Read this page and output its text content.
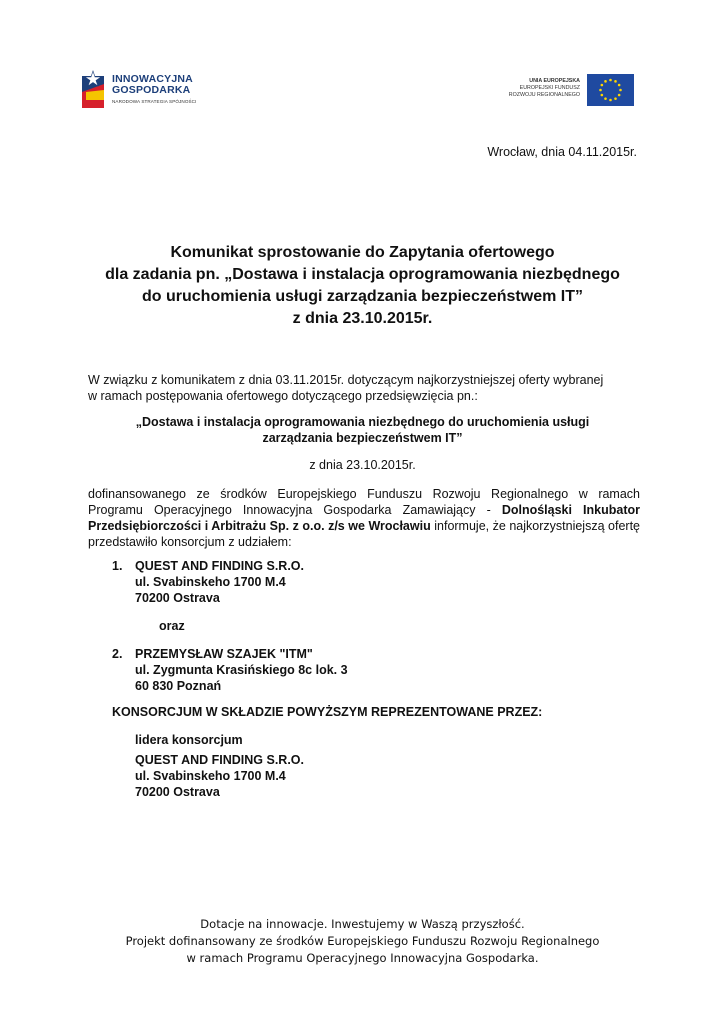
INNOWACYJNA
GOSPODARKA
NARODOWA STRATEGIA SPÓJNOŚCI
UNIA EUROPEJSKA
EUROPEJSKI FUNDUSZ
ROZWOJU REGIONALNEGO
Wrocław, dnia 04.11.2015r.
Komunikat sprostowanie do Zapytania ofertowego
dla zadania pn. „Dostawa i instalacja oprogramowania niezbędnego
do uruchomienia usługi zarządzania bezpieczeństwem IT”
z dnia 23.10.2015r.
W związku z komunikatem z dnia 03.11.2015r. dotyczącym najkorzystniejszej oferty wybranej
w ramach postępowania ofertowego dotyczącego przedsięwzięcia pn.:
„Dostawa i instalacja oprogramowania niezbędnego do uruchomienia usługi
zarządzania bezpieczeństwem IT”
z dnia 23.10.2015r.
dofinansowanego ze środków Europejskiego Funduszu Rozwoju Regionalnego w ramach Programu Operacyjnego Innowacyjna Gospodarka Zamawiający - Dolnośląski Inkubator Przedsiębiorczości i Arbitrażu Sp. z o.o. z/s we Wrocławiu informuje, że najkorzystniejszą ofertę przedstawiło konsorcjum z udziałem:
1. QUEST AND FINDING S.R.O.
ul. Svabinskeho 1700 M.4
70200 Ostrava
oraz
2. PRZEMYSŁAW SZAJEK "ITM"
ul. Zygmunta Krasińskiego 8c lok. 3
60 830 Poznań
KONSORCJUM W SKŁADZIE POWYŻSZYM REPREZENTOWANE PRZEZ:
lidera konsorcjum
QUEST AND FINDING S.R.O.
ul. Svabinskeho 1700 M.4
70200 Ostrava
Dotacje na innowacje. Inwestujemy w Waszą przyszłość.
Projekt dofinansowany ze środków Europejskiego Funduszu Rozwoju Regionalnego
w ramach Programu Operacyjnego Innowacyjna Gospodarka.
